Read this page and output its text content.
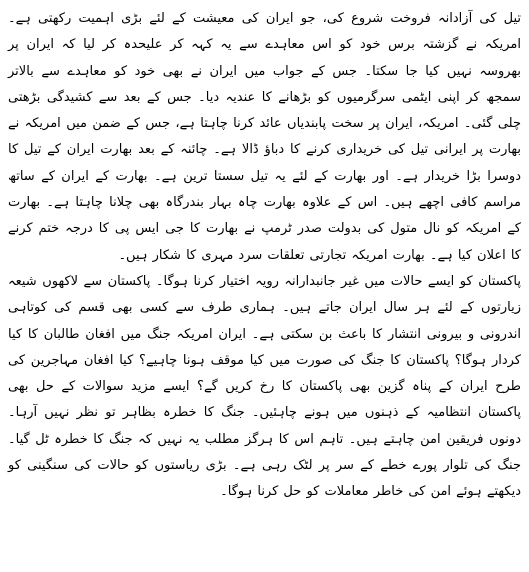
تیل کی آزادانہ فروخت شروع کی، جو ایران کی معیشت کے لئے بڑی اہمیت رکھتی ہے۔ امریکہ نے گزشتہ برس خود کو اس معاہدے سے یہ کہہ کر علیحدہ کر لیا کہ ایران پر بھروسہ نہیں کیا جا سکتا۔ جس کے جواب میں ایران نے بھی خود کو معاہدے سے بالاتر سمجھ کر اپنی ایٹمی سرگرمیوں کو بڑھانے کا عندیہ دیا۔ جس کے بعد سے کشیدگی بڑھتی چلی گئی۔ امریکہ، ایران پر سخت پابندیاں عائد کرنا چاہتا ہے، جس کے ضمن میں امریکہ نے بھارت پر ایرانی تیل کی خریداری کرنے کا دباؤ ڈالا ہے۔ چائنہ کے بعد بھارت ایران کے تیل کا دوسرا بڑا خریدار ہے۔ اور بھارت کے لئے یہ تیل سستا ترین ہے۔ بھارت کے ایران کے ساتھ مراسم کافی اچھے ہیں۔ اس کے علاوہ بھارت چاہ بہار بندرگاہ بھی چلانا چاہتا ہے۔ بھارت کے امریکہ کو نال متول کی بدولت صدر ٹرمپ نے بھارت کا جی ایس پی کا درجہ ختم کرنے کا اعلان کیا ہے۔ بھارت امریکہ تجارتی تعلقات سرد مہری کا شکار ہیں۔

پاکستان کو ایسے حالات میں غیر جانبدارانہ رویہ اختیار کرنا ہوگا۔ پاکستان سے لاکھوں شیعہ زیارتوں کے لئے ہر سال ایران جاتے ہیں۔ ہماری طرف سے کسی بھی قسم کی کوتاہی اندرونی و بیرونی انتشار کا باعث بن سکتی ہے۔ ایران امریکہ جنگ میں افغان طالبان کا کیا کردار ہوگا؟ پاکستان کا جنگ کی صورت میں کیا موقف ہونا چاہیے؟ کیا افغان مہاجرین کی طرح ایران کے پناہ گزین بھی پاکستان کا رخ کریں گے؟ ایسے مزید سوالات کے حل بھی پاکستان انتظامیہ کے ذہنوں میں ہونے چاہئیں۔ جنگ کا خطرہ بظاہر تو نظر نہیں آرہا۔ دونوں فریقین امن چاہتے ہیں۔ تاہم اس کا ہرگز مطلب یہ نہیں کہ جنگ کا خطرہ ٹل گیا۔ جنگ کی تلوار پورے خطے کے سر پر لٹک رہی ہے۔ بڑی ریاستوں کو حالات کی سنگینی کو دیکھتے ہوئے امن کی خاطر معاملات کو حل کرنا ہوگا۔
